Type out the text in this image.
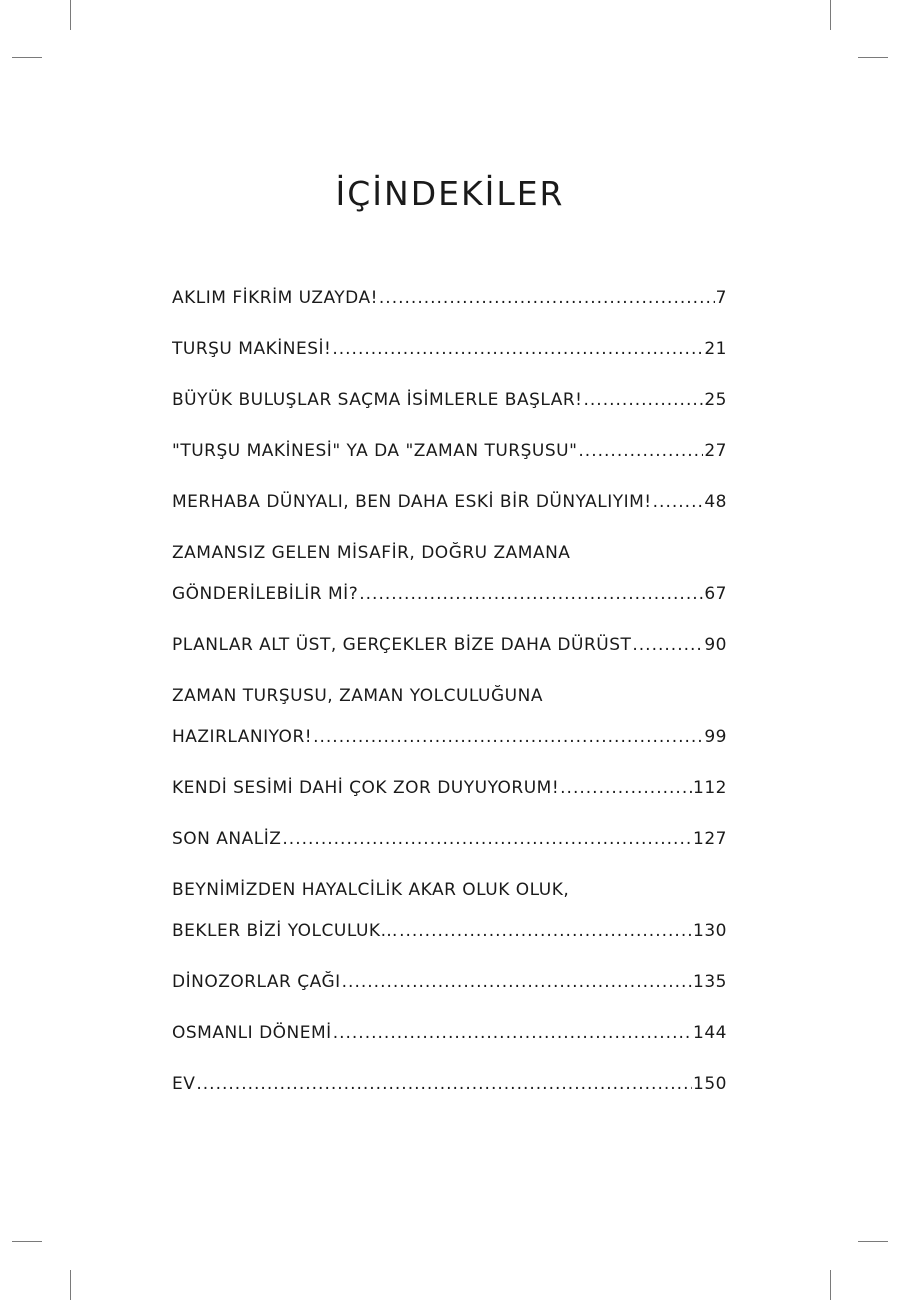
İÇİNDEKİLER
AKLIM FİKRİM UZAYDA! .....	7
TURŞU MAKİNESİ! .....	21
BÜYÜK BULUŞLAR SAÇMA İSİMLERLE BAŞLAR! .....	25
"TURŞU MAKİNESİ" YA DA "ZAMAN TURŞUSU" .....	27
MERHABA DÜNYALI, BEN DAHA ESKİ BİR DÜNYALIYIM! .....	48
ZAMANSIZ GELEN MİSAFİR, DOĞRU ZAMANA
GÖNDERİLEBİLİR Mİ? .....	67
PLANLAR ALT ÜST, GERÇEKLER BİZE DAHA DÜRÜST .....	90
ZAMAN TURŞUSU, ZAMAN YOLCULUĞUNA
HAZIRLANIYOR! .....	99
KENDİ SESİMİ DAHİ ÇOK ZOR DUYUYORUM! .....	112
SON ANALİZ .....	127
BEYNİMİZDEN HAYALCİLİK AKAR OLUK OLUK,
BEKLER BİZİ YOLCULUK… .....	130
DİNOZORLAR ÇAĞI .....	135
OSMANLI DÖNEMİ .....	144
EV .....	150
